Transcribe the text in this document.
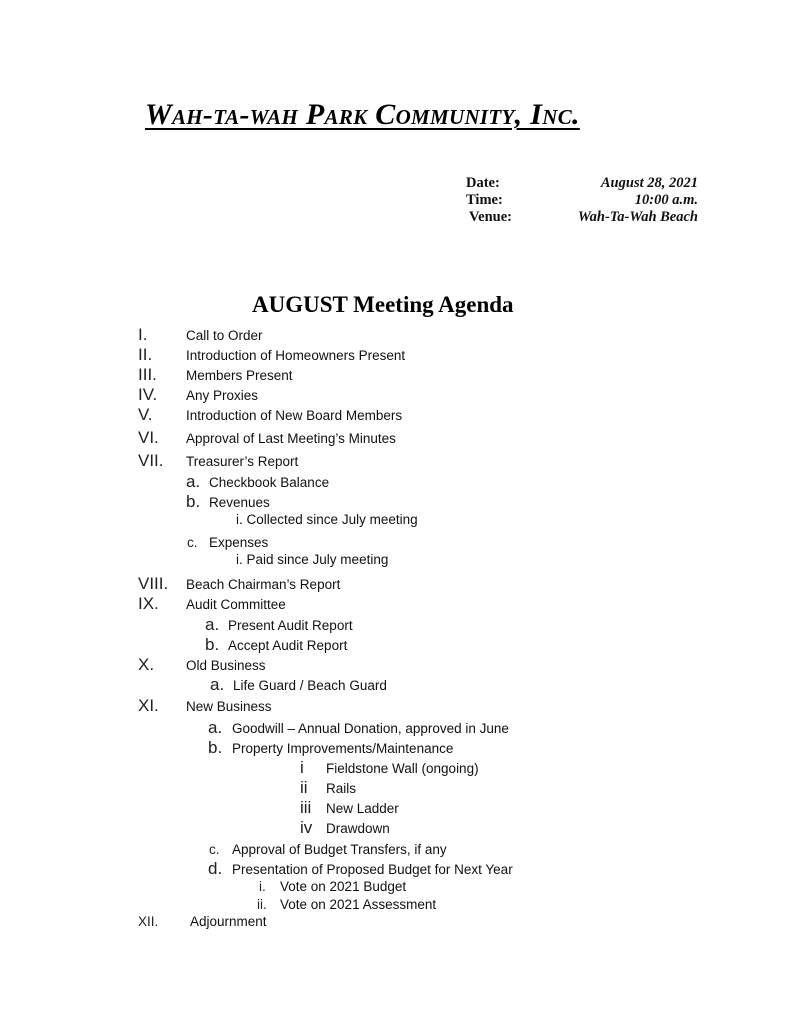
Wah-ta-wah Park Community, Inc.
Date:	August 28, 2021
Time:	10:00 a.m.
Venue:	Wah-Ta-Wah Beach
AUGUST Meeting Agenda
I.	Call to Order
II.	Introduction of Homeowners Present
III. Members Present
IV. Any Proxies
V. Introduction of New Board Members
VI. Approval of Last Meeting’s Minutes
VII. Treasurer’s Report
a. Checkbook Balance
b. Revenues
i. Collected since July meeting
c. Expenses
i. Paid since July meeting
VIII. Beach Chairman’s Report
IX. Audit Committee
a. Present Audit Report
b. Accept Audit Report
X. Old Business
a. Life Guard / Beach Guard
XI. New Business
a. Goodwill – Annual Donation, approved in June
b. Property Improvements/Maintenance
i Fieldstone Wall (ongoing)
ii Rails
iii New Ladder
iv Drawdown
c. Approval of Budget Transfers, if any
d. Presentation of Proposed Budget for Next Year
i. Vote on 2021 Budget
ii. Vote on 2021 Assessment
XII. Adjournment
